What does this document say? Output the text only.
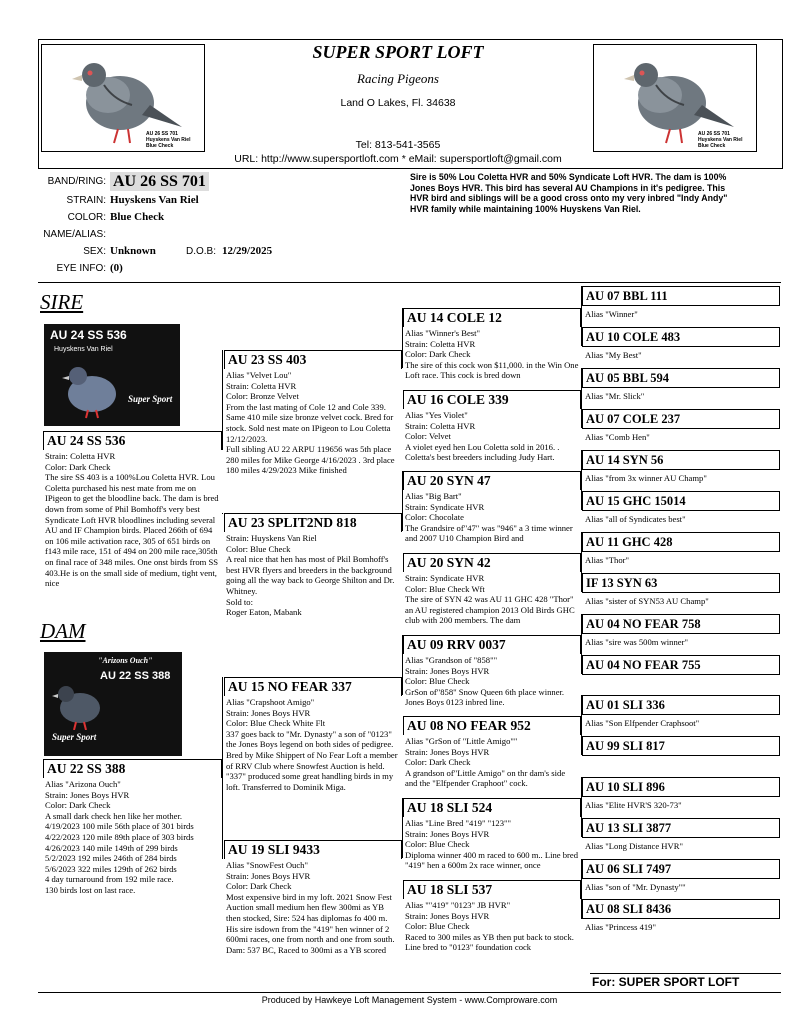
AU 26 SS 701
Huyskens Van Riel
Blue Check
AU 26 SS 701
Huyskens Van Riel
Blue Check
SUPER SPORT LOFT
Racing Pigeons
Land O Lakes, Fl. 34638
Tel: 813-541-3565
URL: http://www.supersportloft.com * eMail: supersportloft@gmail.com
BAND/RING: AU 26 SS 701
STRAIN: Huyskens Van Riel
COLOR: Blue Check
NAME/ALIAS:
SEX: Unknown	D.O.B: 12/29/2025
EYE INFO: (0)
Sire is 50% Lou Coletta HVR and 50% Syndicate Loft HVR. The dam is 100% Jones Boys HVR. This bird has several AU Champions in it's pedigree. This HVR bird and siblings will be a good cross onto my very inbred "Indy Andy" HVR family while maintaining 100% Huyskens Van Riel.
SIRE
AU 24 SS 536
Huyskens Van Riel
Super Sport
DAM
"Arizons Ouch"
AU 22 SS 388
Super Sport
AU 24 SS 536
Strain: Coletta HVR
Color: Dark Check
The sire SS 403 is a 100%Lou Coletta HVR. Lou Coletta purchased his nest mate from me on IPigeon to get the bloodline back. The dam is bred down from some of Phil Bomhoff's very best Syndicate Loft HVR bloodlines including several AU and IF Champion birds. Placed 266th of 694 on 106 mile activation race, 305 of 651 birds on f143 mile race, 151 of 494 on 200 mile race,305th on final race of 348 miles. One onst birds from SS 403.He is on the small side of medium, tight vent, nice
AU 22 SS 388
Alias "Arizona Ouch"
Strain: Jones Boys HVR
Color: Dark Check
A small dark check hen like her mother.
4/19/2023 100 mile 56th place of 301 birds
4/22/2023 120 mile 89th place of 303 birds
4/26/2023 140 mile 149th of 299 birds
5/2/2023 192 miles 246th of 284 birds
5/6/2023 322 miles 129th of 262 birds
4 day turnaround from 192 mile race.
130 birds lost on last race.
AU 23 SS 403
Alias "Velvet Lou"
Strain: Coletta HVR
Color: Bronze Velvet
From the last mating of Cole 12 and Cole 339. Same 410 mile size bronze velvet cock. Bred for stock. Sold nest mate on IPigeon to Lou Coletta 12/12/2023.
Full sibling AU 22 ARPU 119656 was 5th place 280 miles for Mike George 4/16/2023 . 3rd place 180 miles 4/29/2023 Mike finished
AU 23 SPLIT2ND 818
Strain: Huyskens Van Riel
Color: Blue Check
A real nice that hen has most of Pkil Bomhoff's best HVR flyers and breeders in the background going all the way back to George Shilton and Dr. Whitney.
Sold to:
Roger Eaton, Mabank
AU 15 NO FEAR 337
Alias "Crapshoot Amigo"
Strain: Jones Boys HVR
Color: Blue Check White Flt
337 goes back to "Mr. Dynasty" a son of "0123" the Jones Boys legend on both sides of pedigree. Bred by Mike Shippert of No Fear Loft a member of RRV Club where Snowfest Auction is held. "337" produced some great handling birds in my loft. Transferred to Dominik Miga.
AU 19 SLI 9433
Alias "SnowFest Ouch"
Strain: Jones Boys HVR
Color: Dark Check
Most expensive bird in my loft. 2021 Snow Fest Auction small medium hen flew 300mi as YB then stocked, Sire: 524 has diplomas fo 400 m. His sire isdown from the "419" hen winner of 2 600mi races, one from north and one from south.
Dam: 537 BC, Raced to 300mi as a YB scored
AU 14 COLE 12
Alias "Winner's Best"
Strain: Coletta HVR
Color: Dark Check
The sire of this cock won $11,000. in the Win One Loft race. This cock is bred down
AU 16 COLE 339
Alias "Yes Violet"
Strain: Coletta HVR
Color: Velvet
A violet eyed hen Lou Coletta sold in 2016. . Coletta's best breeders including Judy Hart.
AU 20 SYN 47
Alias "Big Bart"
Strain: Syndicate HVR
Color: Chocolate
The Grandsire of"47" was "946" a 3 time winner and 2007 U10 Champion Bird and
AU 20 SYN 42
Strain: Syndicate HVR
Color: Blue Check Wft
The sire of SYN 42 was AU 11 GHC 428 "Thor" an AU registered champion 2013 Old Birds GHC club with 200 members. The dam
AU 09 RRV 0037
Alias "Grandson of "858""
Strain: Jones Boys HVR
Color: Blue Check
GrSon of"858" Snow Queen 6th place winner. Jones Boys 0123 inbred line.
AU 08 NO FEAR 952
Alias "GrSon of "Little Amigo""
Strain: Jones Boys HVR
Color: Dark Check
A grandson of"Little Amigo" on thr dam's side and the "Elfpender Craphoot" cock.
AU 18 SLI 524
Alias "Line Bred "419" "123""
Strain: Jones Boys HVR
Color: Blue Check
Diploma winner 400 m raced to 600 m.. Line bred "419" hen a 600m 2x race winner, once
AU 18 SLI 537
Alias ""419" "0123" JB HVR"
Strain: Jones Boys HVR
Color: Blue Check
Raced to 300 miles as YB then put back to stock. Line bred to "0123" foundation cock
AU 07 BBL 111
Alias "Winner"
AU 10 COLE 483
Alias "My Best"
AU 05 BBL 594
Alias "Mr. Slick"
AU 07 COLE 237
Alias "Comb Hen"
AU 14 SYN 56
Alias "from 3x winner AU Champ"
AU 15 GHC 15014
Alias "all of Syndicates best"
AU 11 GHC 428
Alias "Thor"
IF 13 SYN 63
Alias "sister of SYN53 AU Champ"
AU 04 NO FEAR 758
Alias "sire was 500m winner"
AU 04 NO FEAR 755
AU 01 SLI 336
Alias "Son Elfpender Craphsoot"
AU 99 SLI 817
AU 10 SLI 896
Alias "Elite HVR'S 320-73"
AU 13 SLI 3877
Alias "Long Distance HVR"
AU 06 SLI 7497
Alias "son of "Mr. Dynasty""
AU 08 SLI 8436
Alias "Princess 419"
For: SUPER SPORT LOFT
Produced by Hawkeye Loft Management System - www.Comproware.com
